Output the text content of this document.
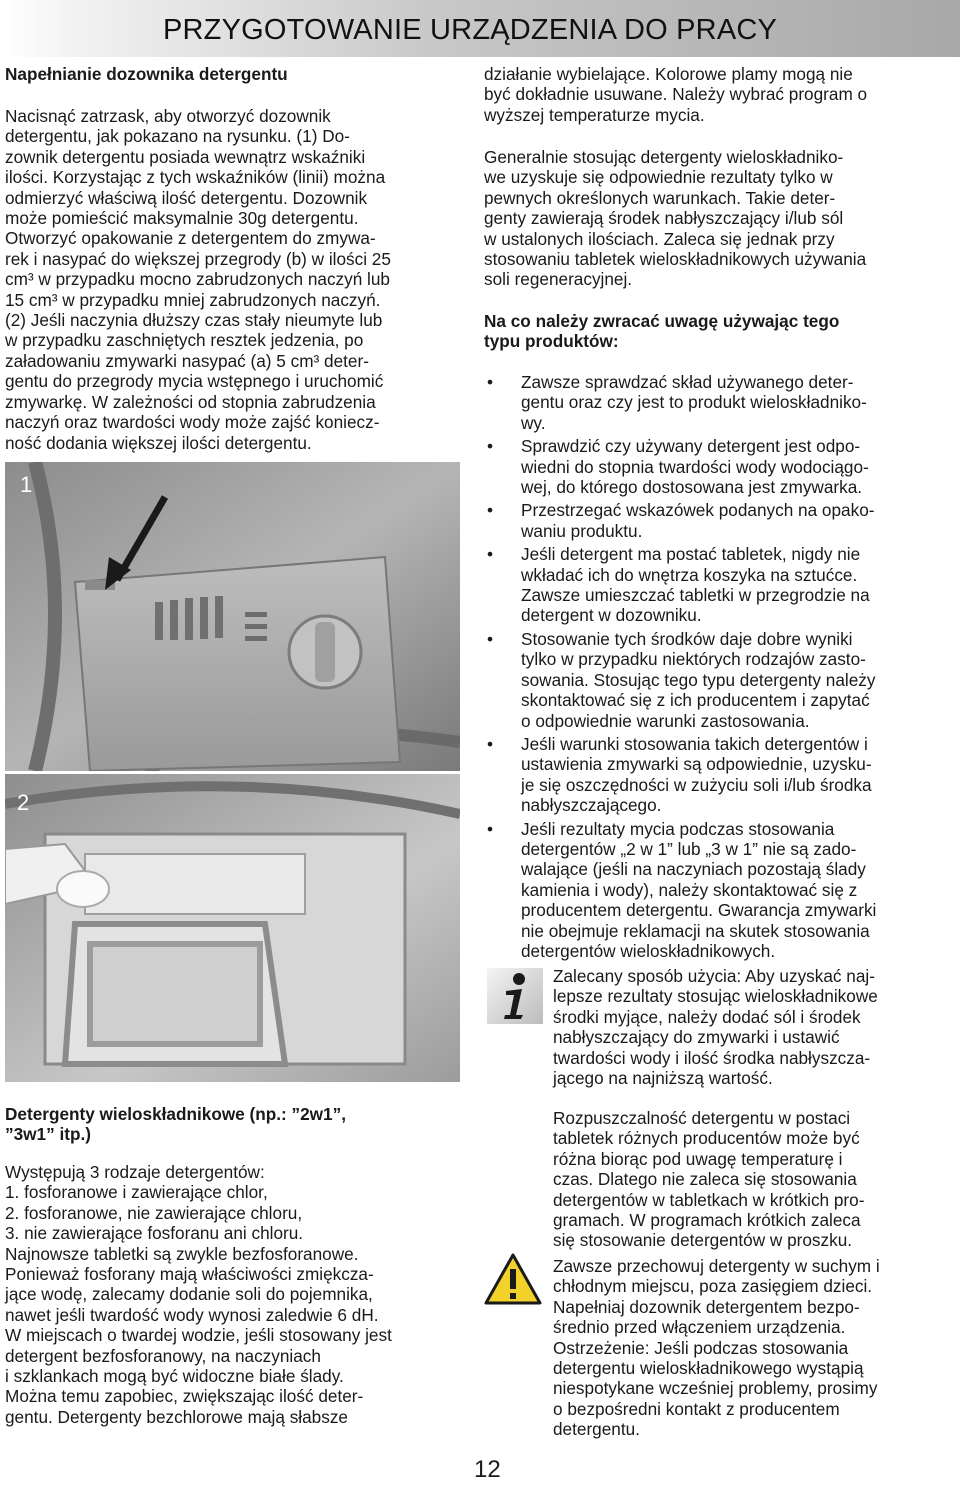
PRZYGOTOWANIE URZĄDZENIA DO PRACY
Napełnianie dozownika detergentu
Nacisnąć zatrzask, aby otworzyć dozownik
detergentu, jak pokazano na rysunku. (1) Do-
zownik detergentu posiada wewnątrz wskaźniki
ilości. Korzystając z tych wskaźników (linii) można
odmierzyć właściwą ilość detergentu. Dozownik
może pomieścić maksymalnie 30g detergentu.
Otworzyć opakowanie z detergentem do zmywa-
rek i nasypać do większej przegrody (b) w ilości 25
cm³ w przypadku mocno zabrudzonych naczyń lub
15 cm³ w przypadku mniej zabrudzonych naczyń.
(2) Jeśli naczynia dłuższy czas stały nieumyte lub
w przypadku zaschniętych resztek jedzenia, po
załadowaniu zmywarki nasypać (a) 5 cm³ deter-
gentu do przegrody mycia wstępnego i uruchomić
zmywarkę. W zależności od stopnia zabrudzenia
naczyń oraz twardości wody może zajść koniecz-
ność dodania większej ilości detergentu.
1
2
Detergenty wieloskładnikowe (np.: ”2w1”,
”3w1” itp.)
Występują 3 rodzaje detergentów:
1. fosforanowe i zawierające chlor,
2. fosforanowe, nie zawierające chloru,
3. nie zawierające fosforanu ani chloru.
Najnowsze tabletki są zwykle bezfosforanowe.
Ponieważ fosforany mają właściwości zmiękcza-
jące wodę, zalecamy dodanie soli do pojemnika,
nawet jeśli twardość wody wynosi zaledwie 6 dH.
W miejscach o twardej wodzie, jeśli stosowany jest
detergent bezfosforanowy, na naczyniach
i szklankach mogą być widoczne białe ślady.
Można temu zapobiec, zwiększając ilość deter-
gentu. Detergenty bezchlorowe mają słabsze
działanie wybielające. Kolorowe plamy mogą nie
być dokładnie usuwane. Należy wybrać program o
wyższej temperaturze mycia.
Generalnie stosując detergenty wieloskładniko-
we uzyskuje się odpowiednie rezultaty tylko w
pewnych określonych warunkach. Takie deter-
genty zawierają środek nabłyszczający i/lub sól
w ustalonych ilościach. Zaleca się jednak przy
stosowaniu tabletek wieloskładnikowych używania
soli regeneracyjnej.
Na co należy zwracać uwagę używając tego
typu produktów:
• Zawsze sprawdzać skład używanego deter-
gentu oraz czy jest to produkt wieloskładniko-
wy.
• Sprawdzić czy używany detergent jest odpo-
wiedni do stopnia twardości wody wodociągo-
wej, do którego dostosowana jest zmywarka.
• Przestrzegać wskazówek podanych na opako-
waniu produktu.
• Jeśli detergent ma postać tabletek, nigdy nie
wkładać ich do wnętrza koszyka na sztućce.
Zawsze umieszczać tabletki w przegrodzie na
detergent w dozowniku.
• Stosowanie tych środków daje dobre wyniki
tylko w przypadku niektórych rodzajów zasto-
sowania. Stosując tego typu detergenty należy
skontaktować się z ich producentem i zapytać
o odpowiednie warunki zastosowania.
• Jeśli warunki stosowania takich detergentów i
ustawienia zmywarki są odpowiednie, uzysku-
je się oszczędności w zużyciu soli i/lub środka
nabłyszczającego.
• Jeśli rezultaty mycia podczas stosowania
detergentów „2 w 1” lub „3 w 1” nie są zado-
walające (jeśli na naczyniach pozostają ślady
kamienia i wody), należy skontaktować się z
producentem detergentu. Gwarancja zmywarki
nie obejmuje reklamacji na skutek stosowania
detergentów wieloskładnikowych.
Zalecany sposób użycia: Aby uzyskać naj-
lepsze rezultaty stosując wieloskładnikowe
środki myjące, należy dodać sól i środek
nabłyszczający do zmywarki i ustawić
twardości wody i ilość środka nabłyszcza-
jącego na najniższą wartość.
Rozpuszczalność detergentu w postaci
tabletek różnych producentów może być
różna biorąc pod uwagę temperaturę i
czas. Dlatego nie zaleca się stosowania
detergentów w tabletkach w krótkich pro-
gramach. W programach krótkich zaleca
się stosowanie detergentów w proszku.
Zawsze przechowuj detergenty w suchym i
chłodnym miejscu, poza zasięgiem dzieci.
Napełniaj dozownik detergentem bezpo-
średnio przed włączeniem urządzenia.
Ostrzeżenie: Jeśli podczas stosowania
detergentu wieloskładnikowego wystąpią
niespotykane wcześniej problemy, prosimy
o bezpośredni kontakt z producentem
detergentu.
12
